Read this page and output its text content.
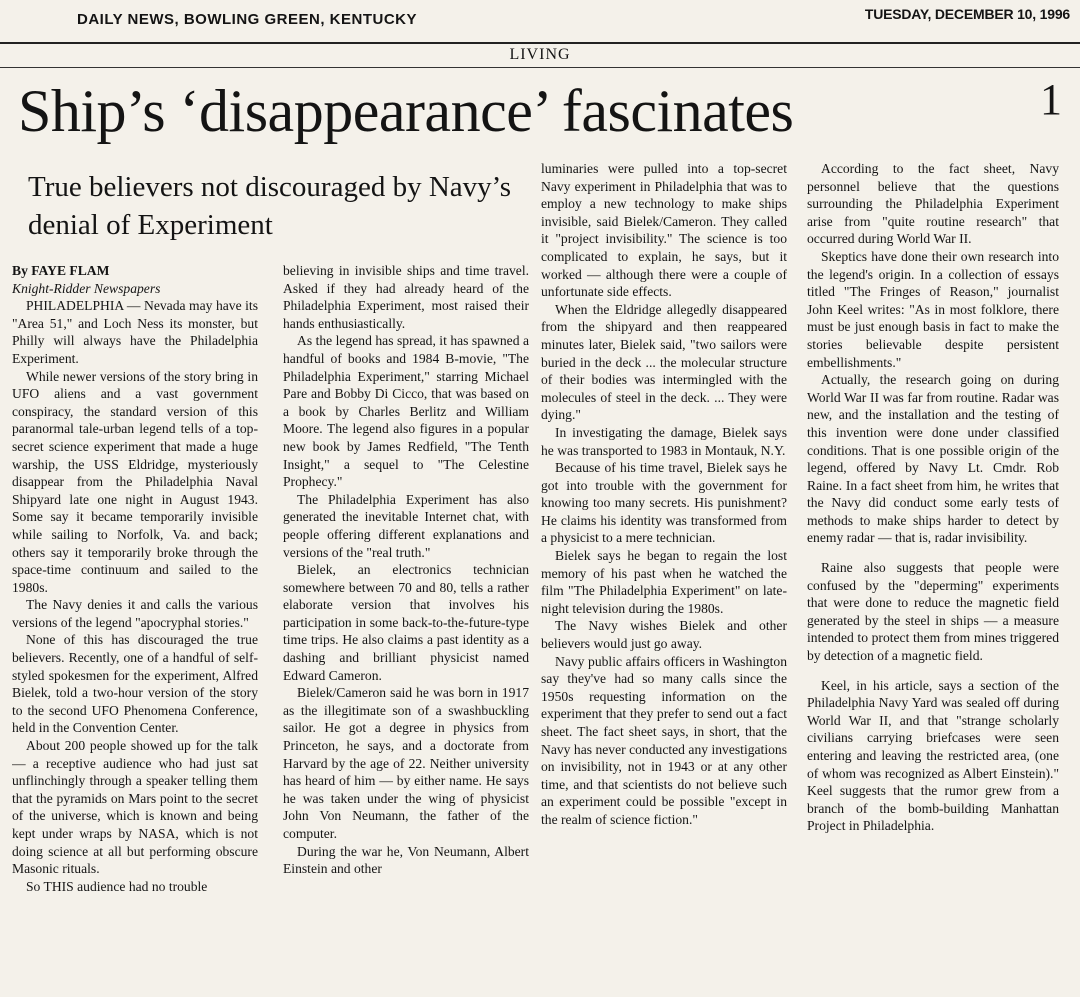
DAILY NEWS, BOWLING GREEN, KENTUCKY	TUESDAY, DECEMBER 10, 1996
LIVING
Ship’s ‘disappearance’ fascinates	1
True believers not discouraged by Navy’s denial of Experiment
By FAYE FLAM
Knight-Ridder Newspapers

PHILADELPHIA — Nevada may have its "Area 51," and Loch Ness its monster, but Philly will always have the Philadelphia Experiment.

While newer versions of the story bring in UFO aliens and a vast government conspiracy, the standard version of this paranormal tale-urban legend tells of a top-secret science experiment that made a huge warship, the USS Eldridge, mysteriously disappear from the Philadelphia Naval Shipyard late one night in August 1943. Some say it became temporarily invisible while sailing to Norfolk, Va. and back; others say it temporarily broke through the space-time continuum and sailed to the 1980s.

The Navy denies it and calls the various versions of the legend "apocryphal stories."

None of this has discouraged the true believers. Recently, one of a handful of self-styled spokesmen for the experiment, Alfred Bielek, told a two-hour version of the story to the second UFO Phenomena Conference, held in the Convention Center.

About 200 people showed up for the talk — a receptive audience who had just sat unflinchingly through a speaker telling them that the pyramids on Mars point to the secret of the universe, which is known and being kept under wraps by NASA, which is not doing science at all but performing obscure Masonic rituals.

So THIS audience had no trouble

believing in invisible ships and time travel. Asked if they had already heard of the Philadelphia Experiment, most raised their hands enthusiastically.

As the legend has spread, it has spawned a handful of books and 1984 B-movie, "The Philadelphia Experiment," starring Michael Pare and Bobby Di Cicco, that was based on a book by Charles Berlitz and William Moore. The legend also figures in a popular new book by James Redfield, "The Tenth Insight," a sequel to "The Celestine Prophecy."

The Philadelphia Experiment has also generated the inevitable Internet chat, with people offering different explanations and versions of the "real truth."

Bielek, an electronics technician somewhere between 70 and 80, tells a rather elaborate version that involves his participation in some back-to-the-future-type time trips. He also claims a past identity as a dashing and brilliant physicist named Edward Cameron.

Bielek/Cameron said he was born in 1917 as the illegitimate son of a swashbuckling sailor. He got a degree in physics from Princeton, he says, and a doctorate from Harvard by the age of 22. Neither university has heard of him — by either name. He says he was taken under the wing of physicist John Von Neumann, the father of the computer.

During the war he, Von Neumann, Albert Einstein and other

luminaries were pulled into a top-secret Navy experiment in Philadelphia that was to employ a new technology to make ships invisible, said Bielek/Cameron. They called it "project invisibility." The science is too complicated to explain, he says, but it worked — although there were a couple of unfortunate side effects.

When the Eldridge allegedly disappeared from the shipyard and then reappeared minutes later, Bielek said, "two sailors were buried in the deck ... the molecular structure of their bodies was intermingled with the molecules of steel in the deck. ... They were dying."

In investigating the damage, Bielek says he was transported to 1983 in Montauk, N.Y.

Because of his time travel, Bielek says he got into trouble with the government for knowing too many secrets. His punishment? He claims his identity was transformed from a physicist to a mere technician.

Bielek says he began to regain the lost memory of his past when he watched the film "The Philadelphia Experiment" on late-night television during the 1980s.

The Navy wishes Bielek and other believers would just go away.

Navy public affairs officers in Washington say they've had so many calls since the 1950s requesting information on the experiment that they prefer to send out a fact sheet. The fact sheet says, in short, that the Navy has never conducted any investigations on invisibility, not in 1943 or at any other time, and that scientists do not believe such an experiment could be possible "except in the realm of science fiction."

According to the fact sheet, Navy personnel believe that the questions surrounding the Philadelphia Experiment arise from "quite routine research" that occurred during World War II.

Skeptics have done their own research into the legend's origin. In a collection of essays titled "The Fringes of Reason," journalist John Keel writes: "As in most folklore, there must be just enough basis in fact to make the stories believable despite persistent embellishments."

Actually, the research going on during World War II was far from routine. Radar was new, and the installation and the testing of this invention were done under classified conditions. That is one possible origin of the legend, offered by Navy Lt. Cmdr. Rob Raine. In a fact sheet from him, he writes that the Navy did conduct some early tests of methods to make ships harder to detect by enemy radar — that is, radar invisibility.

Raine also suggests that people were confused by the "deperming" experiments that were done to reduce the magnetic field generated by the steel in ships — a measure intended to protect them from mines triggered by detection of a magnetic field.

Keel, in his article, says a section of the Philadelphia Navy Yard was sealed off during World War II, and that "strange scholarly civilians carrying briefcases were seen entering and leaving the restricted area, (one of whom was recognized as Albert Einstein)." Keel suggests that the rumor grew from a branch of the bomb-building Manhattan Project in Philadelphia.
